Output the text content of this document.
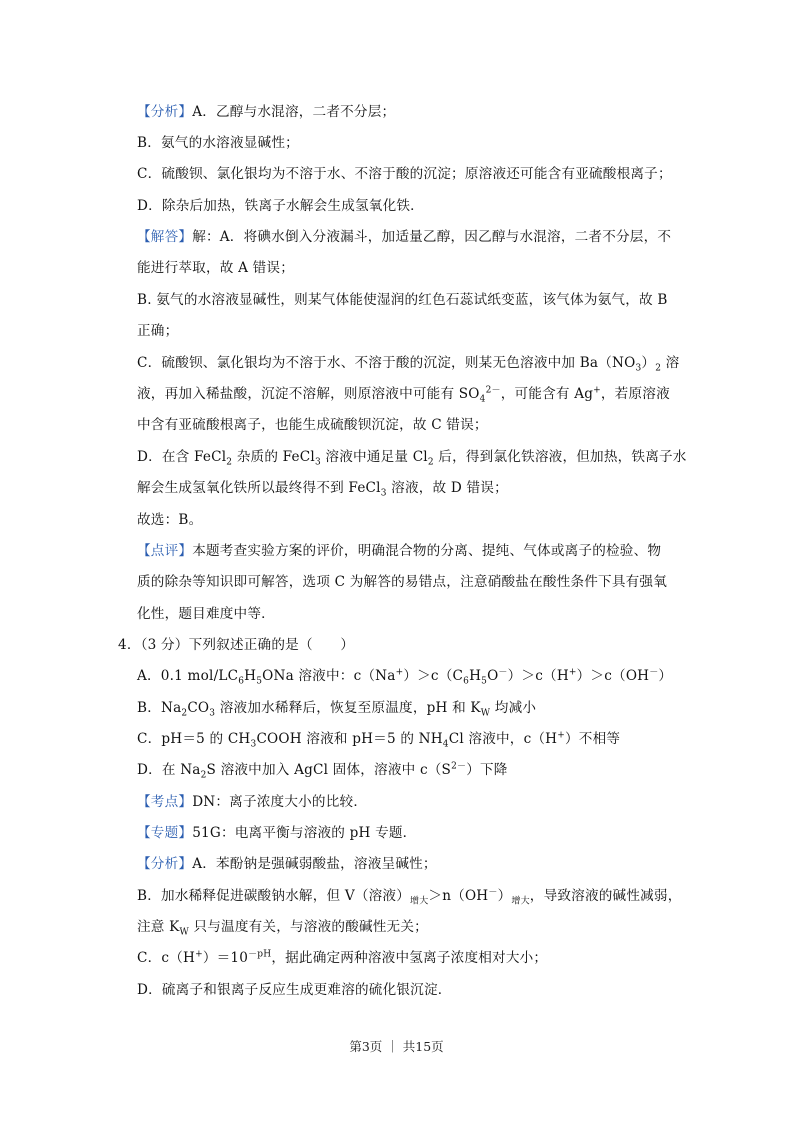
【分析】A．乙醇与水混溶，二者不分层；
B．氨气的水溶液显碱性；
C．硫酸钡、氯化银均为不溶于水、不溶于酸的沉淀；原溶液还可能含有亚硫酸根离子；
D．除杂后加热，铁离子水解会生成氢氧化铁．
【解答】解：A．将碘水倒入分液漏斗，加适量乙醇，因乙醇与水混溶，二者不分层，不
能进行萃取，故 A 错误；
B. 氨气的水溶液显碱性，则某气体能使湿润的红色石蕊试纸变蓝，该气体为氨气，故 B
正确；
C．硫酸钡、氯化银均为不溶于水、不溶于酸的沉淀，则某无色溶液中加 $Ba(NO_3)_2$ 溶
液，再加入稀盐酸，沉淀不溶解，则原溶液中可能有 $SO_4^{2-}$，可能含有 Ag+，若原溶液
中含有亚硫酸根离子，也能生成硫酸钡沉淀，故 C 错误；
D．在含 FeCl$_2$ 杂质的 FeCl$_3$ 溶液中通足量 $Cl_2$ 后，得到氯化铁溶液，但加热，铁离子水
解会生成氢氧化铁所以最终得不到 FeCl$_3$ 溶液，故 D 错误；
故选：B。
【点评】本题考查实验方案的评价，明确混合物的分离、提纯、气体或离子的检验、物
质的除杂等知识即可解答，选项 C 为解答的易错点，注意硝酸盐在酸性条件下具有强氧
化性，题目难度中等．
4．（3 分）下列叙述正确的是（　　）
A．0.1 mol/$LC_6H_5ONa$ 溶液中：$c(Na^+)>c(C_6H_5O^-)>c(H^+)>c(OH^-)$
B．$Na_2CO_3$ 溶液加水稀释后，恢复至原温度，pH 和 $K_W$ 均减小
C．pH＝5 的 $CH_3COOH$ 溶液和 pH＝5 的 $NH_4Cl$ 溶液中，c（H+）不相等
D．在 $Na_2S$ 溶液中加入 AgCl 固体，溶液中 $c(S^{2-})$下降
【考点】DN：离子浓度大小的比较．
【专题】51G：电离平衡与溶液的 pH 专题．
【分析】A．苯酚钠是强碱弱酸盐，溶液呈碱性；
B．加水稀释促进碳酸钠水解，但 V（溶液）$_{增大}>n(OH^-)_{增大}$，导致溶液的碱性减弱，
注意 $K_W$ 只与温度有关，与溶液的酸碱性无关；
C．$c(H^+)=10^{-pH}$，据此确定两种溶液中氢离子浓度相对大小；
D．硫离子和银离子反应生成更难溶的硫化银沉淀．
第3页 ｜ 共15页
